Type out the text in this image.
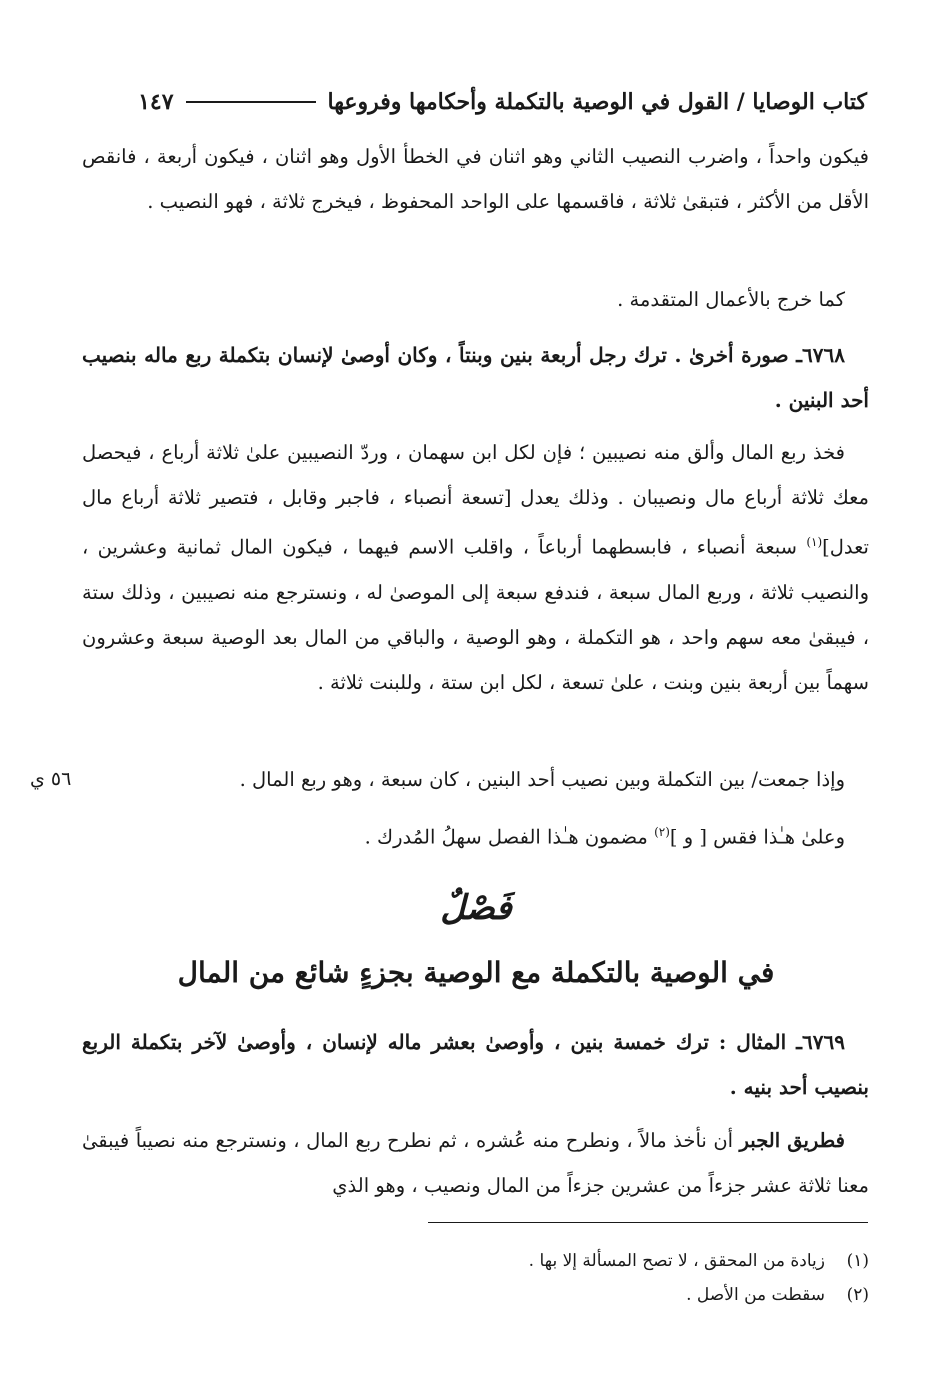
كتاب الوصايا / القول في الوصية بالتكملة وأحكامها وفروعها
١٤٧
فيكون واحداً ، واضرب النصيب الثاني وهو اثنان في الخطأ الأول وهو اثنان ، فيكون أربعة ، فانقص الأقل من الأكثر ، فتبقىٰ ثلاثة ، فاقسمها على الواحد المحفوظ ، فيخرج ثلاثة ، فهو النصيب .
كما خرج بالأعمال المتقدمة .
٦٧٦٨ـ صورة أخرىٰ . ترك رجل أربعة بنين وبنتاً ، وكان أوصىٰ لإنسان بتكملة ربع ماله بنصيب أحد البنين .
فخذ ربع المال وألق منه نصيبين ؛ فإن لكل ابن سهمان ، وردّ النصيبين علىٰ ثلاثة أرباع ، فيحصل معك ثلاثة أرباع مال ونصيبان . وذلك يعدل [تسعة أنصباء ، فاجبر وقابل ، فتصير ثلاثة أرباع مال تعدل]$^{(١)}$ سبعة أنصباء ، فابسطهما أرباعاً ، واقلب الاسم فيهما ، فيكون المال ثمانية وعشرين ، والنصيب ثلاثة ، وربع المال سبعة ، فندفع سبعة إلى الموصىٰ له ، ونسترجع منه نصيبين ، وذلك ستة ، فيبقىٰ معه سهم واحد ، هو التكملة ، وهو الوصية ، والباقي من المال بعد الوصية سبعة وعشرون سهماً بين أربعة بنين وبنت ، علىٰ تسعة ، لكل ابن ستة ، وللبنت ثلاثة .
وإذا جمعت/ بين التكملة وبين نصيب أحد البنين ، كان سبعة ، وهو ربع المال .
٥٦ ي
وعلىٰ هـٰذا فقس [ و ]$^{(٢)}$ مضمون هـٰذا الفصل سهلُ المُدرك .
فَصْلٌ
في الوصية بالتكملة مع الوصية بجزءٍ شائع من المال
٦٧٦٩ـ المثال : ترك خمسة بنين ، وأوصىٰ بعشر ماله لإنسان ، وأوصىٰ لآخر بتكملة الربع بنصيب أحد بنيه .
فطريق الجبر أن نأخذ مالاً ، ونطرح منه عُشره ، ثم نطرح ربع المال ، ونسترجع منه نصيباً فيبقىٰ معنا ثلاثة عشر جزءاً من عشرين جزءاً من المال ونصيب ، وهو الذي
(١)زيادة من المحقق ، لا تصح المسألة إلا بها .
(٢)سقطت من الأصل .
